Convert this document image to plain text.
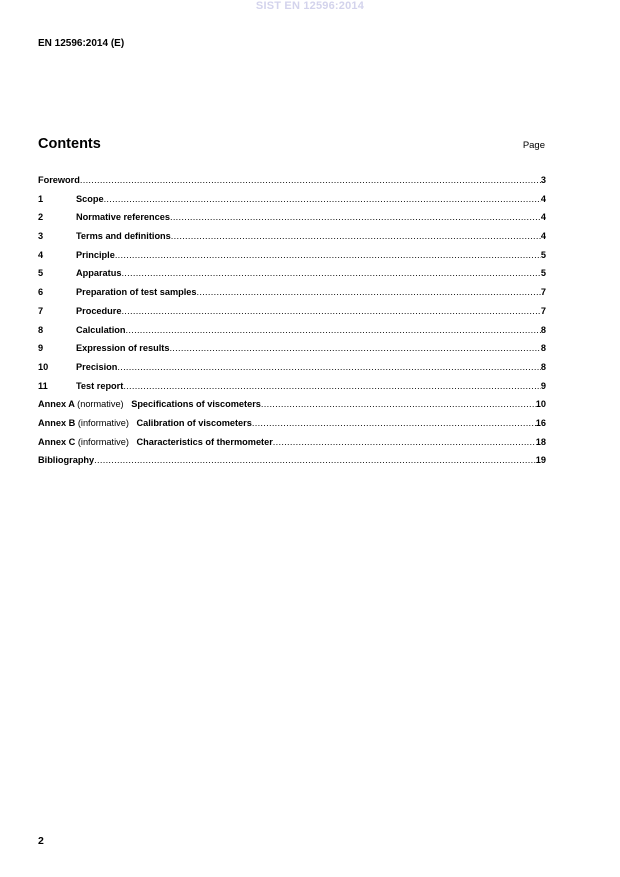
SIST EN 12596:2014
EN 12596:2014 (E)
Contents	Page
Foreword .....	3
1	Scope .....	4
2	Normative references .....	4
3	Terms and definitions .....	4
4	Principle .....	5
5	Apparatus .....	5
6	Preparation of test samples .....	7
7	Procedure .....	7
8	Calculation .....	8
9	Expression of results .....	8
10	Precision .....	8
11	Test report .....	9
Annex A (normative) Specifications of viscometers .....	10
Annex B (informative) Calibration of viscometers .....	16
Annex C (informative) Characteristics of thermometer .....	18
Bibliography .....	19
2
